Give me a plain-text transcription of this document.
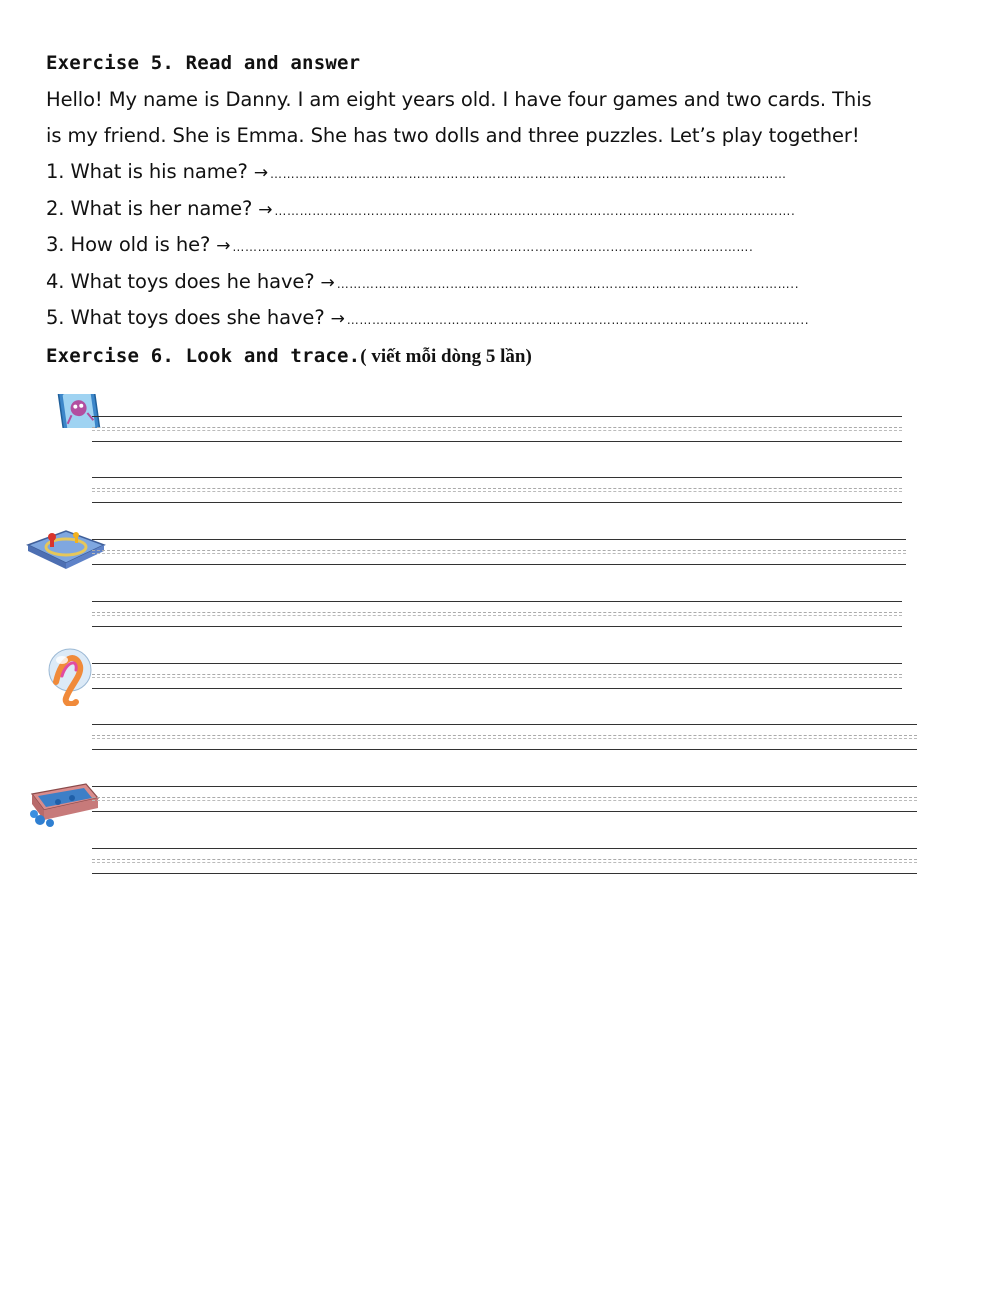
Exercise 5. Read and answer
Hello! My name is Danny. I am eight years old. I have four games and two cards. This
is my friend. She is Emma. She has two dolls and three puzzles. Let’s play together!
1. What is his name? → ……………………………………………………………………………………………………………
2. What is her name? → …………………………………………………………………………………………………………….
3. How old is he? → …………………………………………………………………………………………………………….
4. What toys does he have? → ………………………………………………………………………………………………..
5. What toys does she have? → ………………………………………………………………………………………………..
Exercise 6. Look and trace.( viết mỗi dòng 5 lần)
